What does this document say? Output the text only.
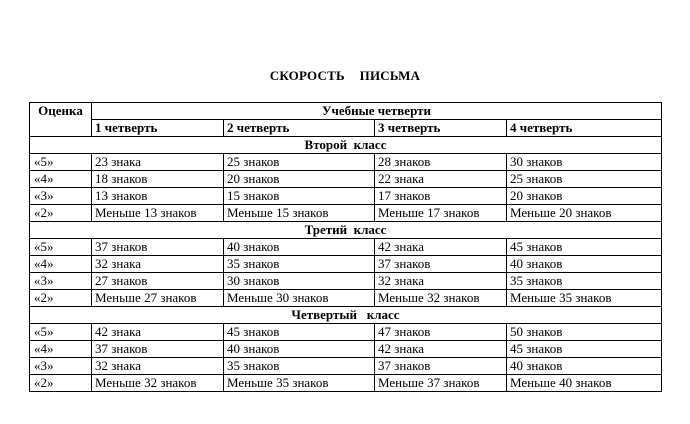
СКОРОСТЬ  ПИСЬМА
Оценка	Учебные четверти			
	1 четверть	2 четверть	3 четверть	4 четверть
Второй  класс				
«5»	23 знака	25 знаков	28 знаков	30 знаков
«4»	18 знаков	20 знаков	22 знака	25 знаков
«3»	13 знаков	15 знаков	17 знаков	20 знаков
«2»	Меньше 13 знаков	Меньше 15 знаков	Меньше 17 знаков	Меньше 20 знаков
Третий  класс				
«5»	37 знаков	40 знаков	42 знака	45 знаков
«4»	32 знака	35 знаков	37 знаков	40 знаков
«3»	27 знаков	30 знаков	32 знака	35 знаков
«2»	Меньше 27 знаков	Меньше 30 знаков	Меньше 32 знаков	Меньше 35 знаков
Четвертый   класс				
«5»	42 знака	45 знаков	47 знаков	50 знаков
«4»	37 знаков	40 знаков	42 знака	45 знаков
«3»	32 знака	35 знаков	37 знаков	40 знаков
«2»	Меньше 32 знаков	Меньше 35 знаков	Меньше 37 знаков	Меньше 40 знаков
